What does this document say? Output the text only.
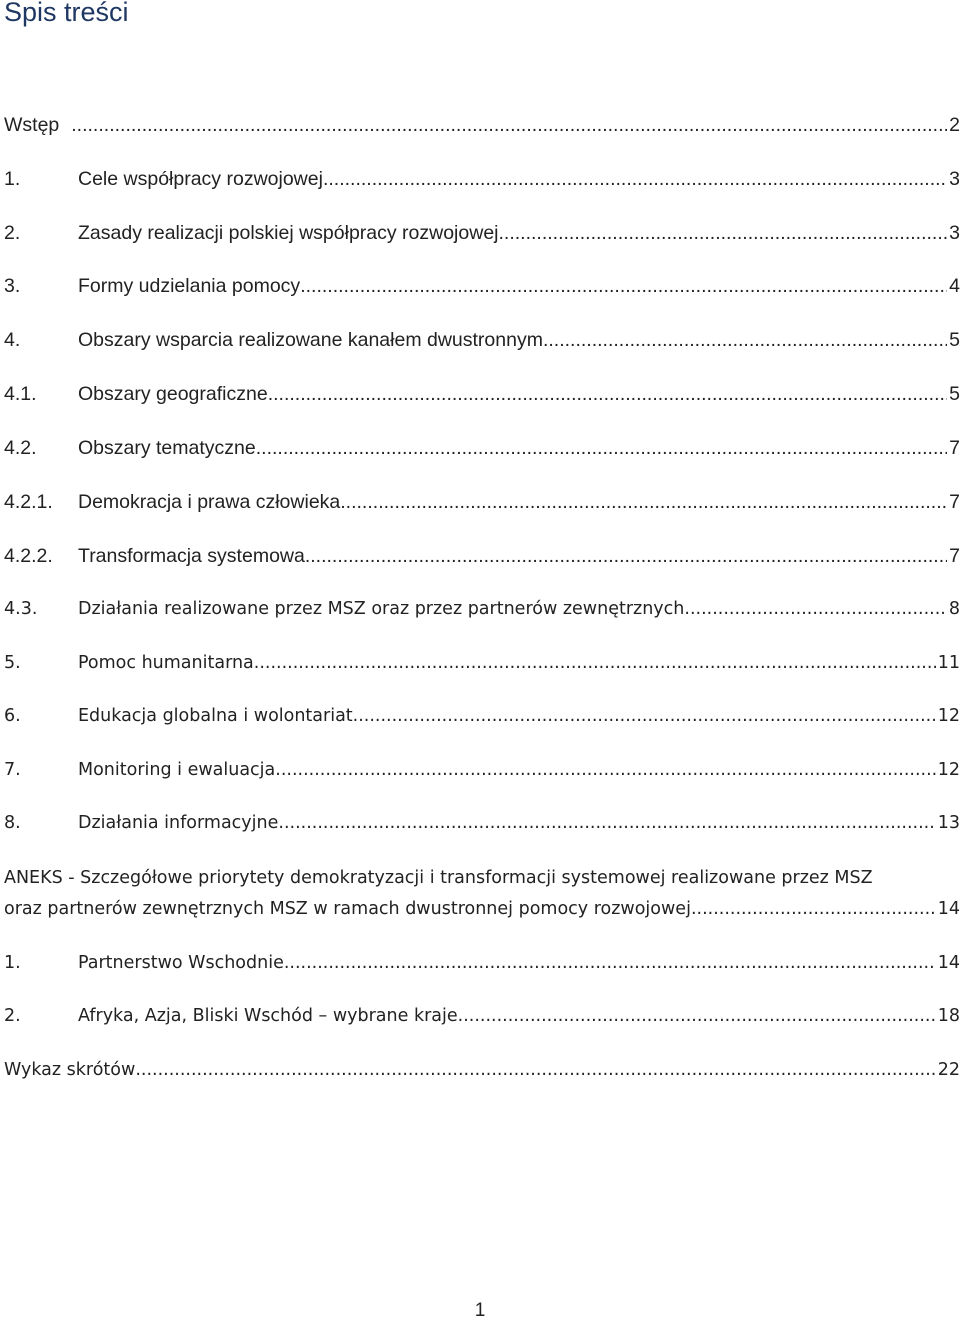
Spis treści
Wstęp .....	2
1.	Cele współpracy rozwojowej .....	3
2.	Zasady realizacji polskiej współpracy rozwojowej .....	3
3.	Formy udzielania pomocy .....	4
4.	Obszary wsparcia realizowane kanałem dwustronnym .....	5
4.1.	Obszary geograficzne .....	5
4.2.	Obszary tematyczne .....	7
4.2.1.	Demokracja i prawa człowieka .....	7
4.2.2.	Transformacja systemowa .....	7
4.3.	Działania realizowane przez MSZ oraz przez partnerów zewnętrznych .....	8
5.	Pomoc humanitarna .....	11
6.	Edukacja globalna i wolontariat .....	12
7.	Monitoring i ewaluacja .....	12
8.	Działania informacyjne .....	13
ANEKS - Szczegółowe priorytety demokratyzacji i transformacji systemowej realizowane przez MSZ
oraz partnerów zewnętrznych MSZ w ramach dwustronnej pomocy rozwojowej .....	14
1.	Partnerstwo Wschodnie .....	14
2.	Afryka, Azja, Bliski Wschód – wybrane kraje .....	18
Wykaz skrótów .....	22
1
